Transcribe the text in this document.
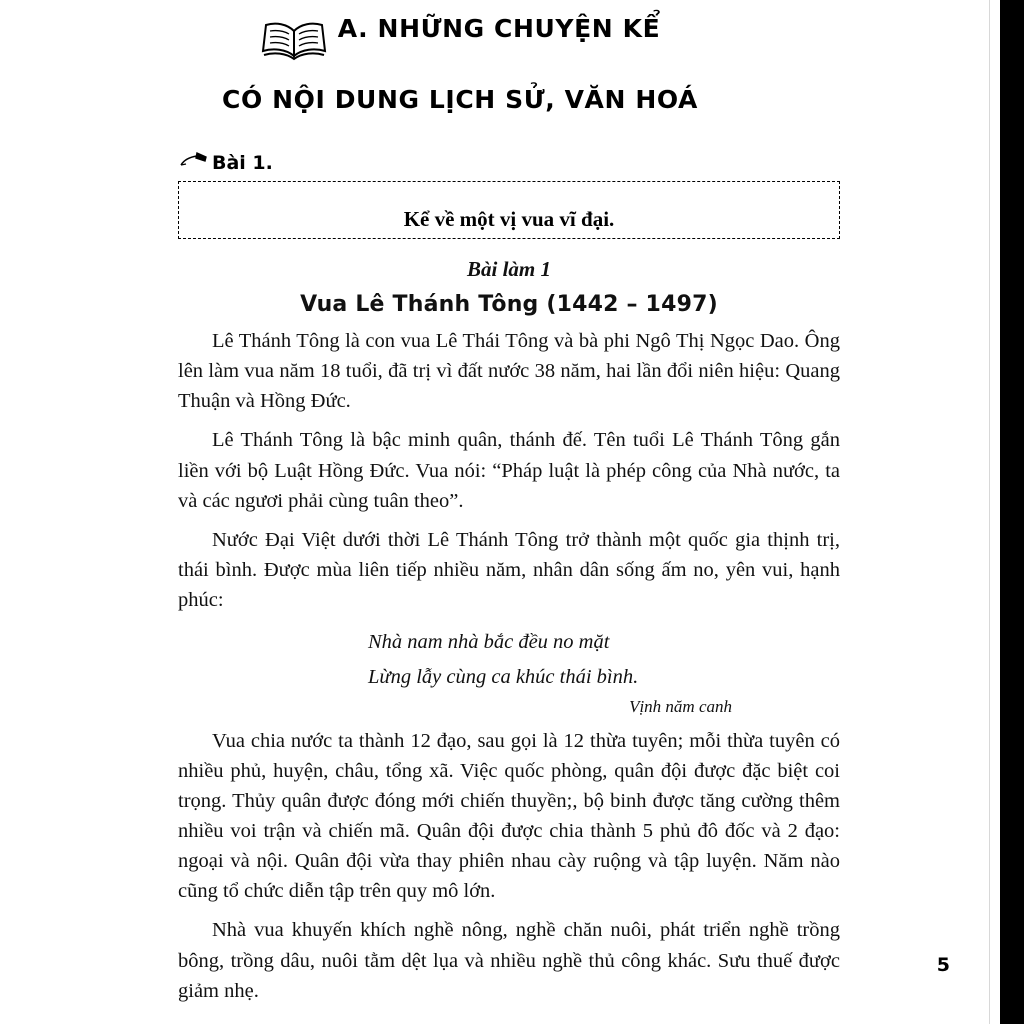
A. NHỮNG CHUYỆN KỂ
CÓ NỘI DUNG LỊCH SỬ, VĂN HOÁ
Bài 1.
Kể về một vị vua vĩ đại.
Bài làm 1
Vua Lê Thánh Tông (1442 – 1497)

Lê Thánh Tông là con vua Lê Thái Tông và bà phi Ngô Thị Ngọc Dao. Ông lên làm vua năm 18 tuổi, đã trị vì đất nước 38 năm, hai lần đổi niên hiệu: Quang Thuận và Hồng Đức.

Lê Thánh Tông là bậc minh quân, thánh đế. Tên tuổi Lê Thánh Tông gắn liền với bộ Luật Hồng Đức. Vua nói: “Pháp luật là phép công của Nhà nước, ta và các ngươi phải cùng tuân theo”.

Nước Đại Việt dưới thời Lê Thánh Tông trở thành một quốc gia thịnh trị, thái bình. Được mùa liên tiếp nhiều năm, nhân dân sống ấm no, yên vui, hạnh phúc:

Nhà nam nhà bắc đều no mặt
Lừng lẫy cùng ca khúc thái bình.
Vịnh năm canh

Vua chia nước ta thành 12 đạo, sau gọi là 12 thừa tuyên; mỗi thừa tuyên có nhiều phủ, huyện, châu, tổng xã. Việc quốc phòng, quân đội được đặc biệt coi trọng. Thủy quân được đóng mới chiến thuyền;, bộ binh được tăng cường thêm nhiều voi trận và chiến mã. Quân đội được chia thành 5 phủ đô đốc và 2 đạo: ngoại và nội. Quân đội vừa thay phiên nhau cày ruộng và tập luyện. Năm nào cũng tổ chức diễn tập trên quy mô lớn.

Nhà vua khuyến khích nghề nông, nghề chăn nuôi, phát triển nghề trồng bông, trồng dâu, nuôi tằm dệt lụa và nhiều nghề thủ công khác. Sưu thuế được giảm nhẹ.

5
